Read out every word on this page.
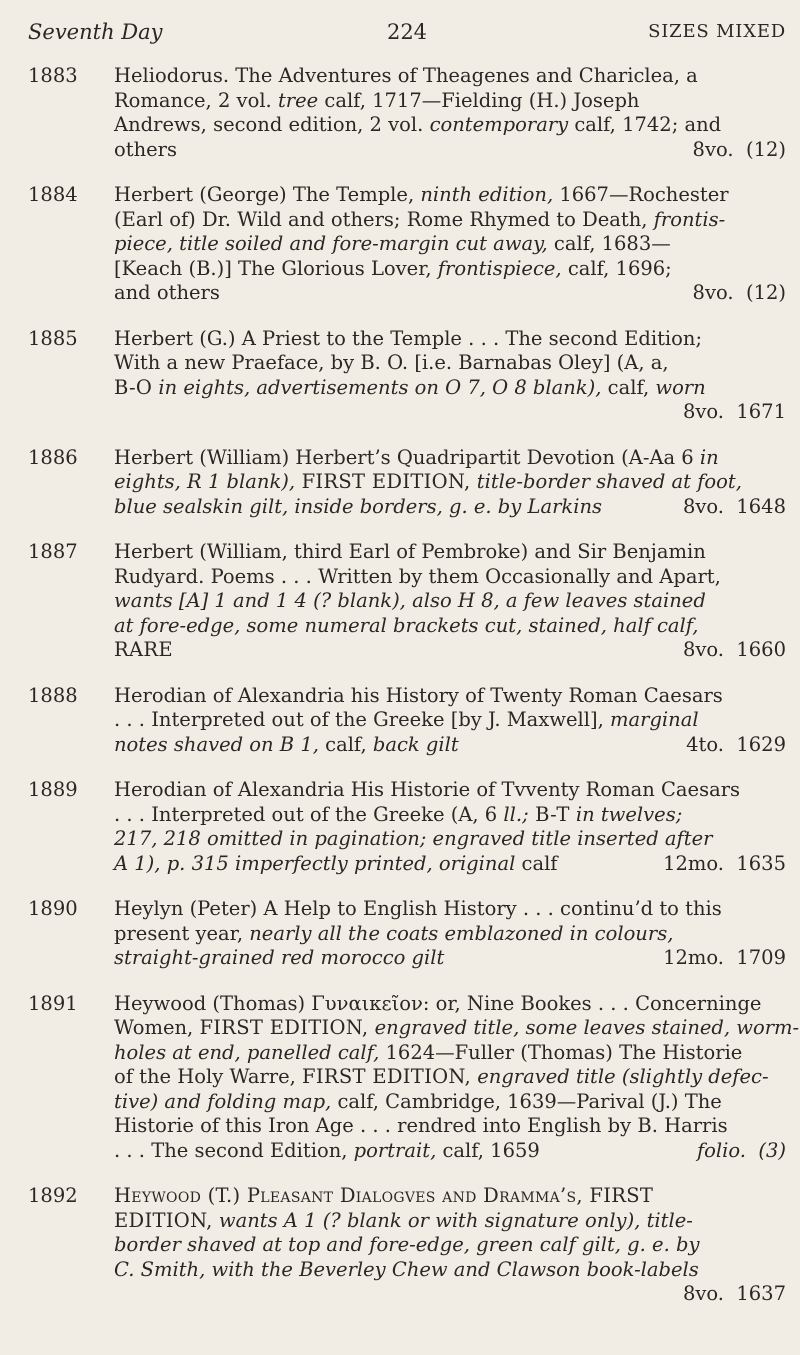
Seventh Day	224	SIZES MIXED
1883 Heliodorus. The Adventures of Theagenes and Chariclea, a
Romance, 2 vol. tree calf, 1717—Fielding (H.) Joseph
Andrews, second edition, 2 vol. contemporary calf, 1742; and
others	8vo.  (12)
1884 Herbert (George) The Temple, ninth edition, 1667—Rochester
(Earl of) Dr. Wild and others; Rome Rhymed to Death, frontis-
piece, title soiled and fore-margin cut away, calf, 1683—
[Keach (B.)] The Glorious Lover, frontispiece, calf, 1696;
and others	8vo.  (12)
1885 Herbert (G.) A Priest to the Temple . . . The second Edition;
With a new Praeface, by B. O. [i.e. Barnabas Oley] (A, a,
B-O in eights, advertisements on O 7, O 8 blank), calf, worn
8vo.  1671
1886 Herbert (William) Herbert’s Quadripartit Devotion (A-Aa 6 in
eights, R 1 blank), FIRST EDITION, title-border shaved at foot,
blue sealskin gilt, inside borders, g. e. by Larkins	8vo.  1648
1887 Herbert (William, third Earl of Pembroke) and Sir Benjamin
Rudyard. Poems . . . Written by them Occasionally and Apart,
wants [A] 1 and 1 4 (? blank), also H 8, a few leaves stained
at fore-edge, some numeral brackets cut, stained, half calf,
RARE	8vo.  1660
1888 Herodian of Alexandria his History of Twenty Roman Caesars
. . . Interpreted out of the Greeke [by J. Maxwell], marginal
notes shaved on B 1, calf, back gilt	4to.  1629
1889 Herodian of Alexandria His Historie of Tvventy Roman Caesars
. . . Interpreted out of the Greeke (A, 6 ll.; B-T in twelves;
217, 218 omitted in pagination; engraved title inserted after
A 1), p. 315 imperfectly printed, original calf	12mo.  1635
1890 Heylyn (Peter) A Help to English History . . . continu’d to this
present year, nearly all the coats emblazoned in colours,
straight-grained red morocco gilt	12mo.  1709
1891 Heywood (Thomas) Γυναικεῖον: or, Nine Bookes . . . Concerninge
Women, FIRST EDITION, engraved title, some leaves stained, worm-
holes at end, panelled calf, 1624—Fuller (Thomas) The Historie
of the Holy Warre, FIRST EDITION, engraved title (slightly defec-
tive) and folding map, calf, Cambridge, 1639—Parival (J.) The
Historie of this Iron Age . . . rendred into English by B. Harris
. . . The second Edition, portrait, calf, 1659	folio.  (3)
1892 Heywood (T.) Pleasant Dialogves and Dramma’s, FIRST
EDITION, wants A 1 (? blank or with signature only), title-
border shaved at top and fore-edge, green calf gilt, g. e. by
C. Smith, with the Beverley Chew and Clawson book-labels
8vo.  1637
